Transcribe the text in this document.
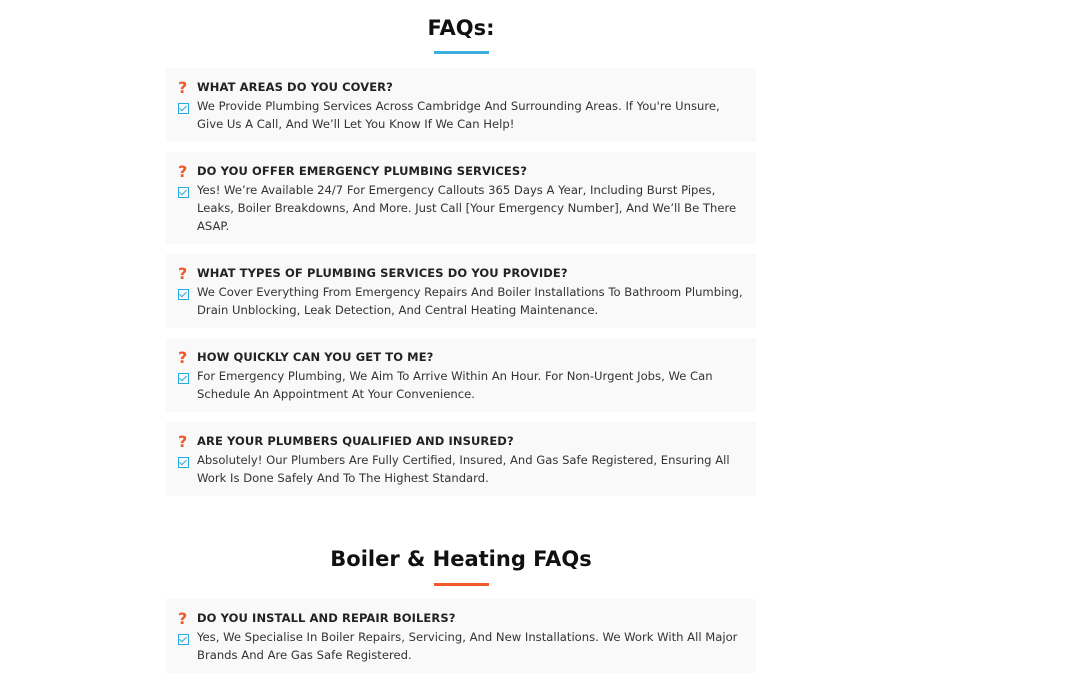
FAQs:
? WHAT AREAS DO YOU COVER?
We Provide Plumbing Services Across Cambridge And Surrounding Areas. If You're Unsure, Give Us A Call, And We’ll Let You Know If We Can Help!
? DO YOU OFFER EMERGENCY PLUMBING SERVICES?
Yes! We’re Available 24/7 For Emergency Callouts 365 Days A Year, Including Burst Pipes, Leaks, Boiler Breakdowns, And More. Just Call [Your Emergency Number], And We’ll Be There ASAP.
? WHAT TYPES OF PLUMBING SERVICES DO YOU PROVIDE?
We Cover Everything From Emergency Repairs And Boiler Installations To Bathroom Plumbing, Drain Unblocking, Leak Detection, And Central Heating Maintenance.
? HOW QUICKLY CAN YOU GET TO ME?
For Emergency Plumbing, We Aim To Arrive Within An Hour. For Non-Urgent Jobs, We Can Schedule An Appointment At Your Convenience.
? ARE YOUR PLUMBERS QUALIFIED AND INSURED?
Absolutely! Our Plumbers Are Fully Certified, Insured, And Gas Safe Registered, Ensuring All Work Is Done Safely And To The Highest Standard.
Boiler & Heating FAQs
? DO YOU INSTALL AND REPAIR BOILERS?
Yes, We Specialise In Boiler Repairs, Servicing, And New Installations. We Work With All Major Brands And Are Gas Safe Registered.
